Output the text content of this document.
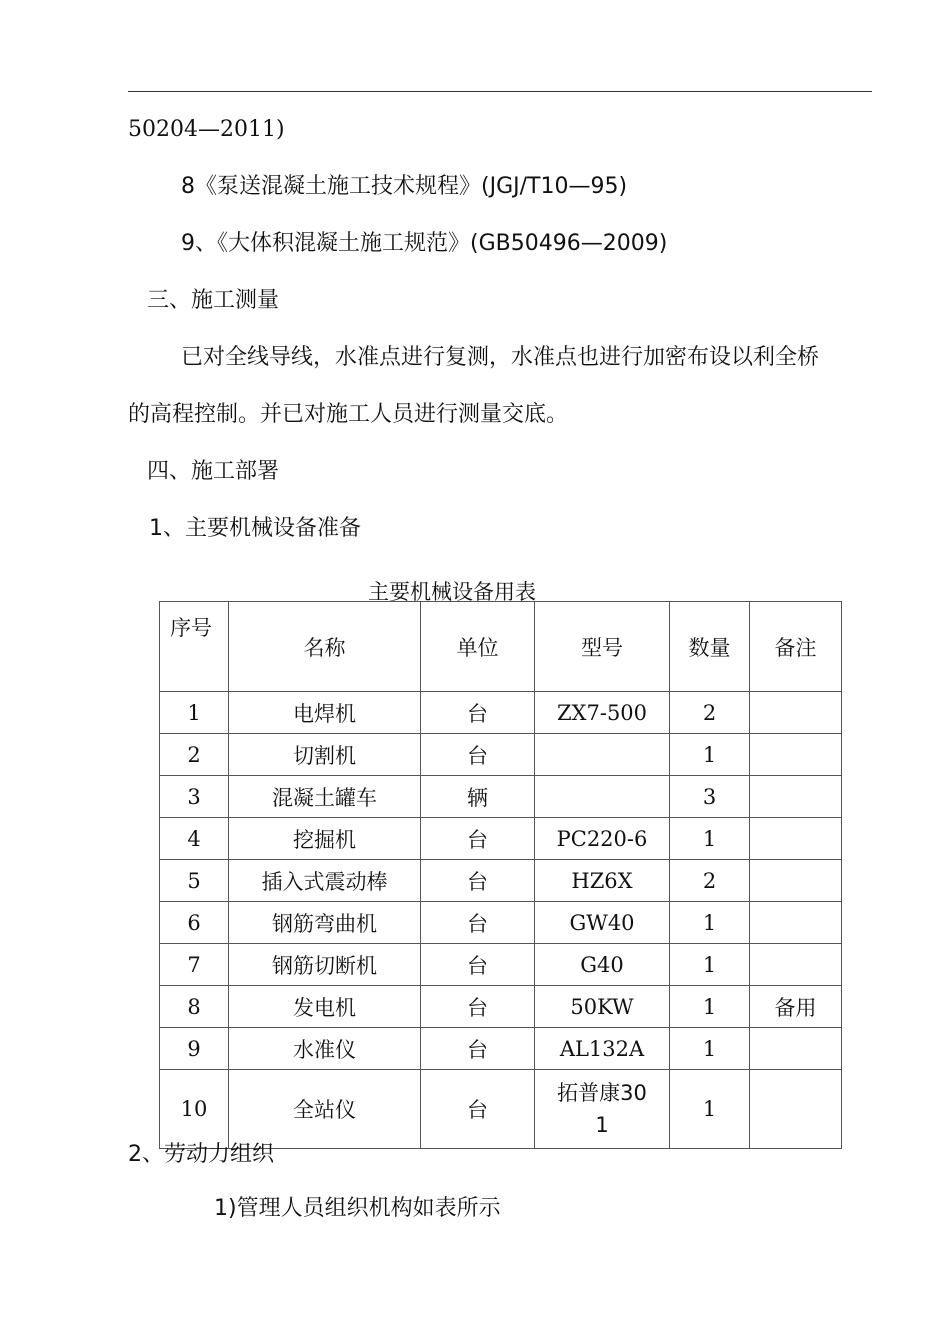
50204—2011)
8《泵送混凝土施工技术规程》(JGJ/T10—95)
9、《大体积混凝土施工规范》(GB50496—2009)
三、施工测量
已对全线导线，水准点进行复测，水准点也进行加密布设以利全桥
的高程控制。并已对施工人员进行测量交底。
四、施工部署
1、主要机械设备准备
主要机械设备用表
序号	名称	单位	型号	数量	备注
1	电焊机	台	ZX7-500	2	
2	切割机	台		1	
3	混凝土罐车	辆		3	
4	挖掘机	台	PC220-6	1	
5	插入式震动棒	台	HZ6X	2	
6	钢筋弯曲机	台	GW40	1	
7	钢筋切断机	台	G40	1	
8	发电机	台	50KW	1	备用
9	水准仪	台	AL132A	1	
10	全站仪	台	拓普康301	1	
2、劳动力组织
1)管理人员组织机构如表所示
